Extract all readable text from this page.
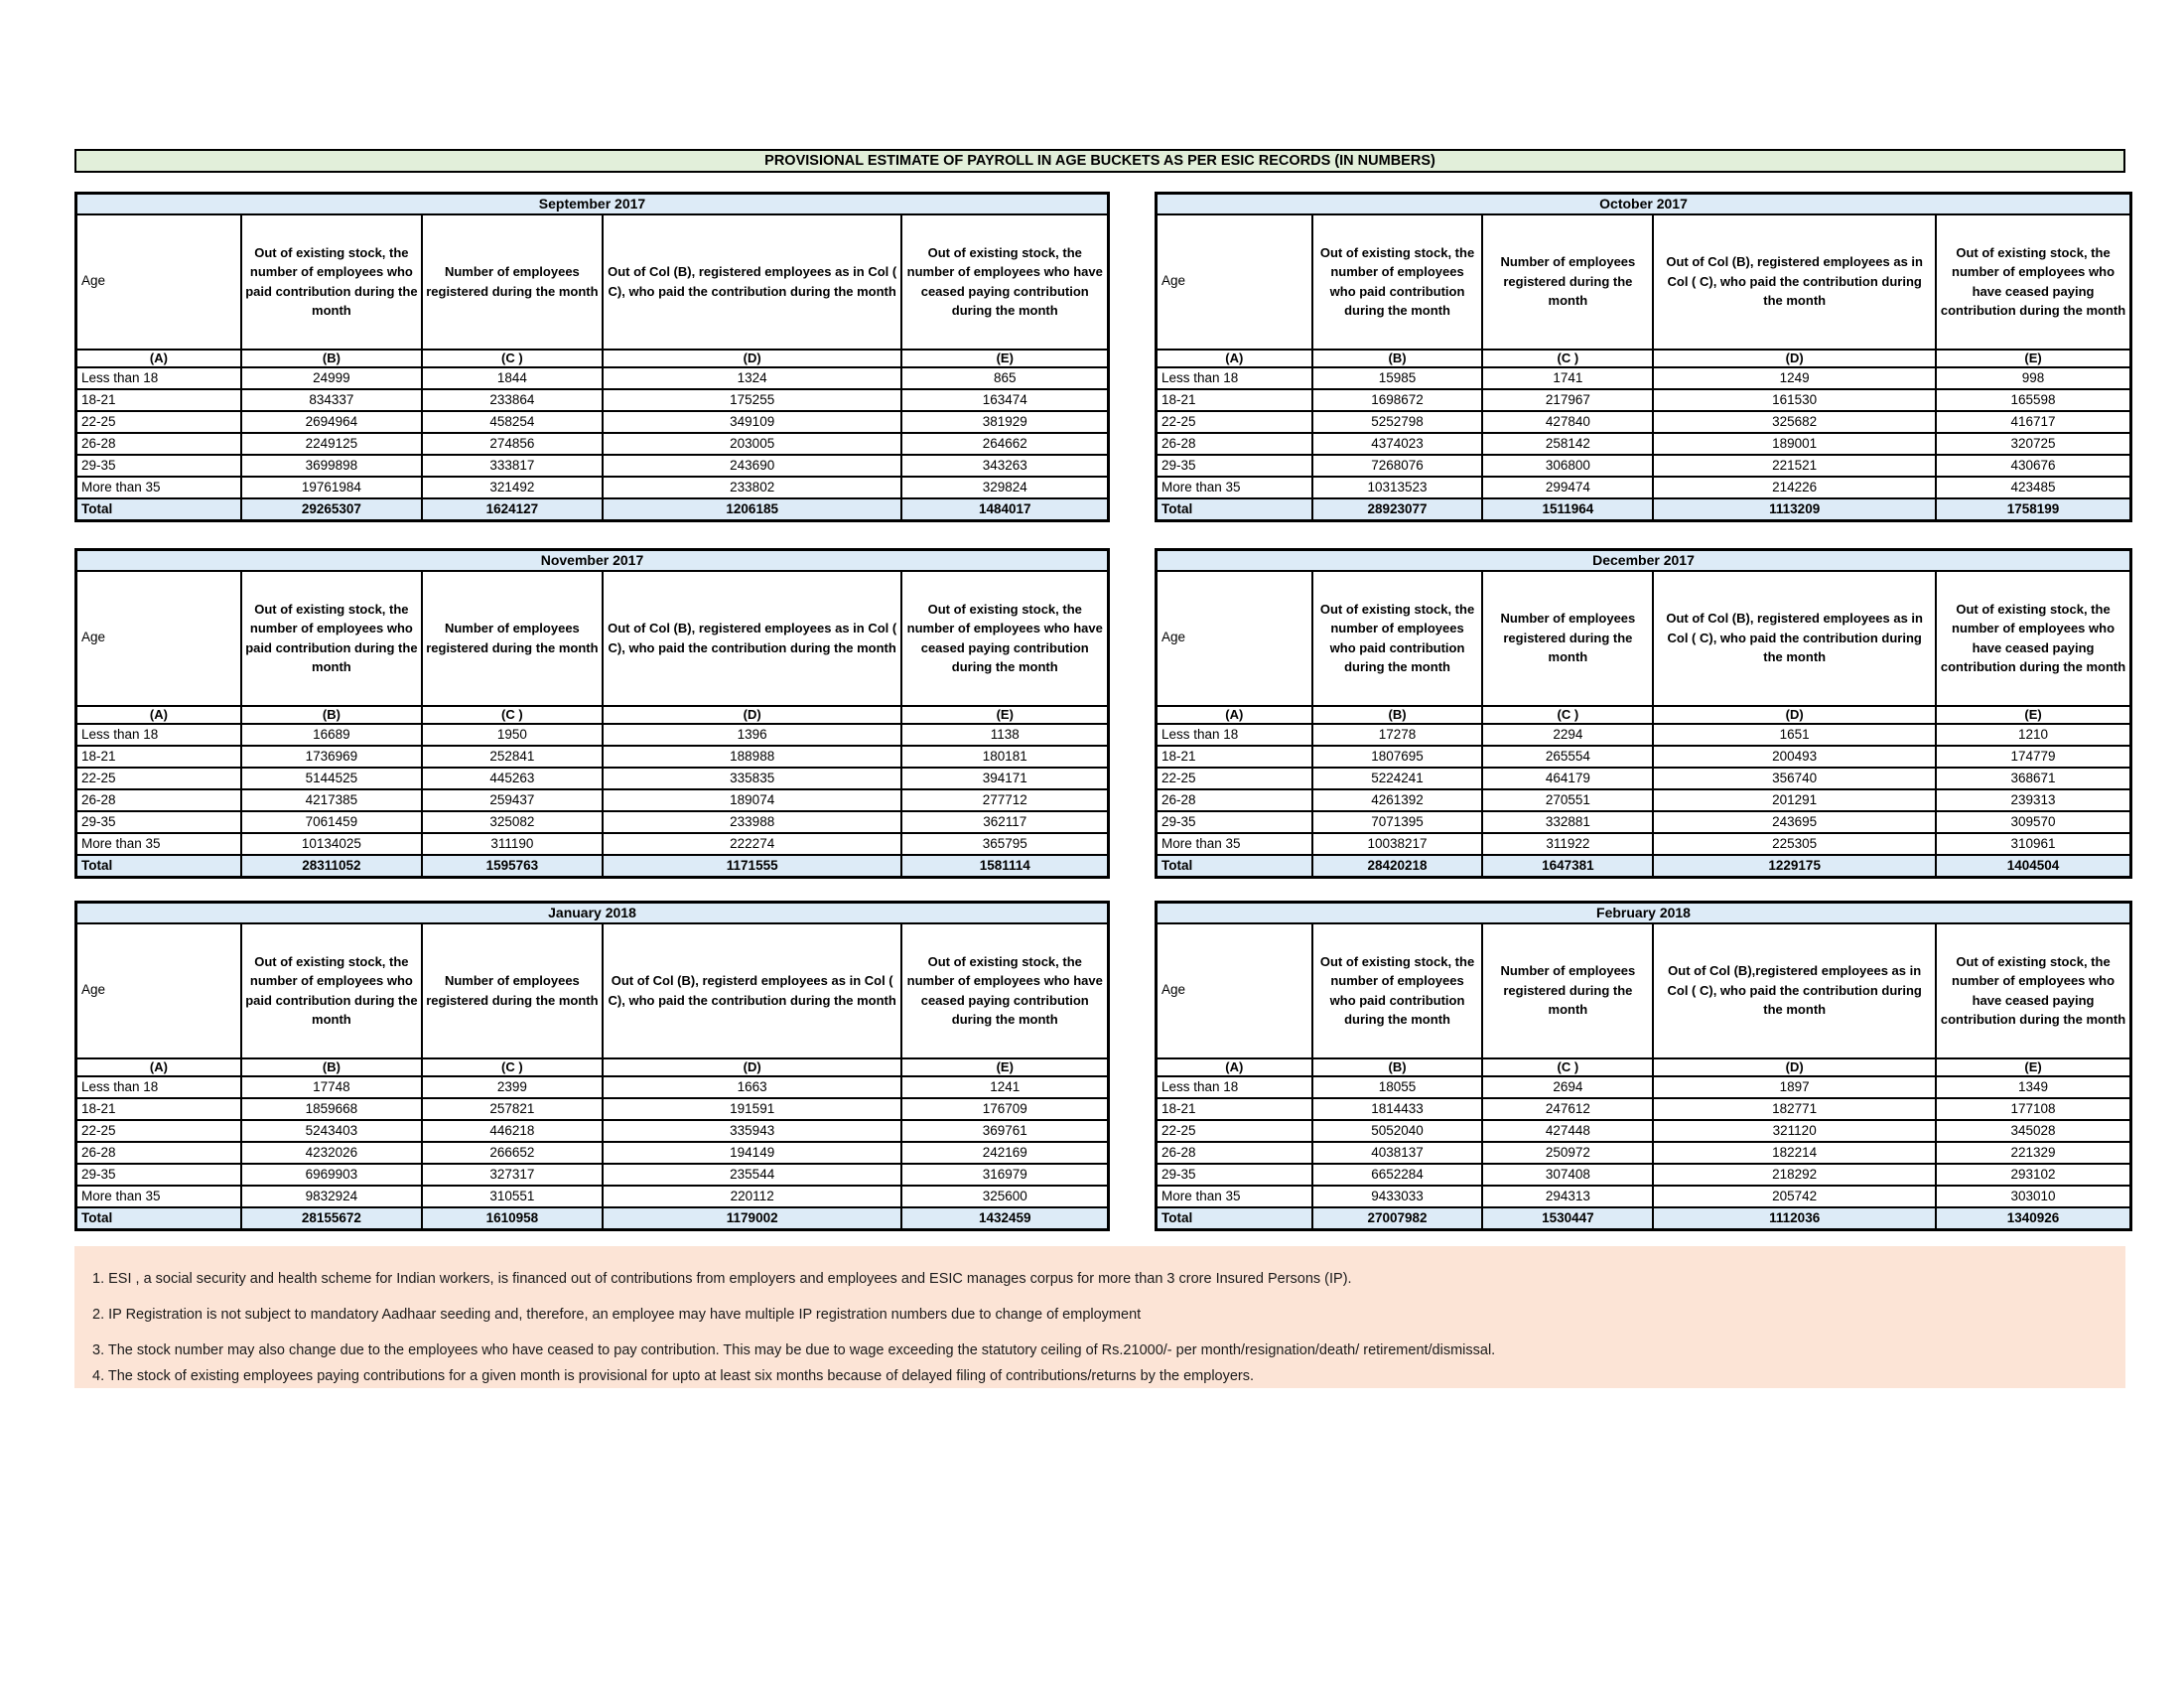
PROVISIONAL ESTIMATE OF PAYROLL IN AGE BUCKETS AS PER ESIC RECORDS (IN NUMBERS)
September 2017				
Age	Out of existing stock, the number of employees who paid contribution during the month	Number of employees registered during the month	Out of Col (B), registered employees as in Col ( C), who paid the contribution during the month	Out of existing stock, the number of employees who have ceased paying contribution during the month
(A)	(B)	(C )	(D)	(E)
Less than 18	24999	1844	1324	865
18-21	834337	233864	175255	163474
22-25	2694964	458254	349109	381929
26-28	2249125	274856	203005	264662
29-35	3699898	333817	243690	343263
More than 35	19761984	321492	233802	329824
Total	29265307	1624127	1206185	1484017
October 2017				
Age	Out of existing stock, the number of employees who paid contribution during the month	Number of employees registered during the month	Out of Col (B), registered employees as in Col ( C), who paid the contribution during the month	Out of existing stock, the number of employees who have ceased paying contribution during the month
(A)	(B)	(C )	(D)	(E)
Less than 18	15985	1741	1249	998
18-21	1698672	217967	161530	165598
22-25	5252798	427840	325682	416717
26-28	4374023	258142	189001	320725
29-35	7268076	306800	221521	430676
More than 35	10313523	299474	214226	423485
Total	28923077	1511964	1113209	1758199
November 2017				
Age	Out of existing stock, the number of employees who paid contribution during the month	Number of employees registered during the month	Out of Col (B), registered employees as in Col ( C), who paid the contribution during the month	Out of existing stock, the number of employees who have ceased paying contribution during the month
(A)	(B)	(C )	(D)	(E)
Less than 18	16689	1950	1396	1138
18-21	1736969	252841	188988	180181
22-25	5144525	445263	335835	394171
26-28	4217385	259437	189074	277712
29-35	7061459	325082	233988	362117
More than 35	10134025	311190	222274	365795
Total	28311052	1595763	1171555	1581114
December 2017				
Age	Out of existing stock, the number of employees who paid contribution during the month	Number of employees registered during the month	Out of Col (B), registered employees as in Col ( C), who paid the contribution during the month	Out of existing stock, the number of employees who have ceased paying contribution during the month
(A)	(B)	(C )	(D)	(E)
Less than 18	17278	2294	1651	1210
18-21	1807695	265554	200493	174779
22-25	5224241	464179	356740	368671
26-28	4261392	270551	201291	239313
29-35	7071395	332881	243695	309570
More than 35	10038217	311922	225305	310961
Total	28420218	1647381	1229175	1404504
January 2018				
Age	Out of existing stock, the number of employees who paid contribution during the month	Number of employees registered during the month	Out of Col (B), registerd employees as in Col ( C), who paid the contribution during the month	Out of existing stock, the number of employees who have ceased paying contribution during the month
(A)	(B)	(C )	(D)	(E)
Less than 18	17748	2399	1663	1241
18-21	1859668	257821	191591	176709
22-25	5243403	446218	335943	369761
26-28	4232026	266652	194149	242169
29-35	6969903	327317	235544	316979
More than 35	9832924	310551	220112	325600
Total	28155672	1610958	1179002	1432459
February 2018				
Age	Out of existing stock, the number of employees who paid contribution during the month	Number of employees registered during the month	Out of Col (B),registered employees as in Col ( C), who paid the contribution during the month	Out of existing stock, the number of employees who have ceased paying contribution during the month
(A)	(B)	(C )	(D)	(E)
Less than 18	18055	2694	1897	1349
18-21	1814433	247612	182771	177108
22-25	5052040	427448	321120	345028
26-28	4038137	250972	182214	221329
29-35	6652284	307408	218292	293102
More than 35	9433033	294313	205742	303010
Total	27007982	1530447	1112036	1340926

1. ESI , a social security and health scheme for Indian workers, is financed out of contributions from employers and employees and ESIC manages corpus for more than 3 crore Insured Persons (IP).

2. IP Registration is not subject to mandatory Aadhaar seeding and, therefore, an employee may have multiple IP registration numbers due to change of employment

3. The stock number may also change due to the employees who have ceased to pay contribution. This may be due to wage exceeding the statutory ceiling of Rs.21000/- per month/resignation/death/ retirement/dismissal.

4. The stock of existing employees paying contributions for a given month is provisional for upto at least six months because of delayed filing of contributions/returns by the employers.
